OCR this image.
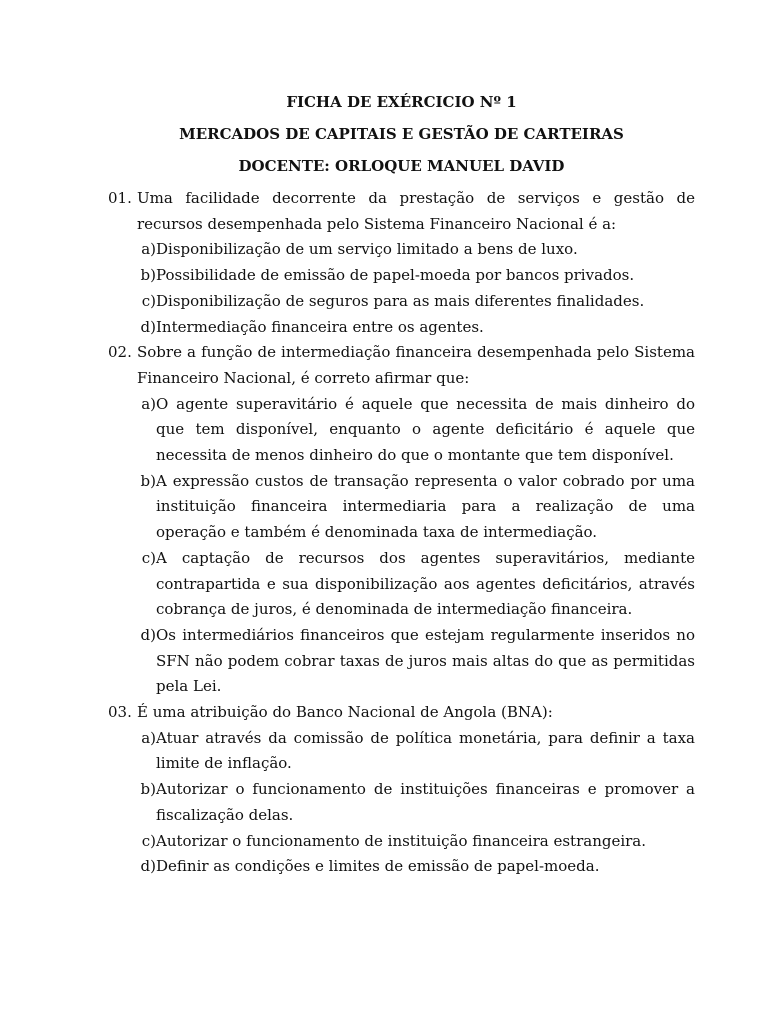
FICHA DE EXÉRCICIO Nº 1
MERCADOS DE CAPITAIS E GESTÃO DE CARTEIRAS
DOCENTE: ORLOQUE MANUEL DAVID
01. Uma facilidade decorrente da prestação de serviços e gestão de recursos desempenhada pelo Sistema Financeiro Nacional é a:
a) Disponibilização de um serviço limitado a bens de luxo.
b) Possibilidade de emissão de papel-moeda por bancos privados.
c) Disponibilização de seguros para as mais diferentes finalidades.
d) Intermediação financeira entre os agentes.
02. Sobre a função de intermediação financeira desempenhada pelo Sistema Financeiro Nacional, é correto afirmar que:
a) O agente superavitário é aquele que necessita de mais dinheiro do que tem disponível, enquanto o agente deficitário é aquele que necessita de menos dinheiro do que o montante que tem disponível.
b) A expressão custos de transação representa o valor cobrado por uma instituição financeira intermediaria para a realização de uma operação e também é denominada taxa de intermediação.
c) A captação de recursos dos agentes superavitários, mediante contrapartida e sua disponibilização aos agentes deficitários, através cobrança de juros, é denominada de intermediação financeira.
d) Os intermediários financeiros que estejam regularmente inseridos no SFN não podem cobrar taxas de juros mais altas do que as permitidas pela Lei.
03. É uma atribuição do Banco Nacional de Angola (BNA):
a) Atuar através da comissão de política monetária, para definir a taxa limite de inflação.
b) Autorizar o funcionamento de instituições financeiras e promover a fiscalização delas.
c) Autorizar o funcionamento de instituição financeira estrangeira.
d) Definir as condições e limites de emissão de papel-moeda.
